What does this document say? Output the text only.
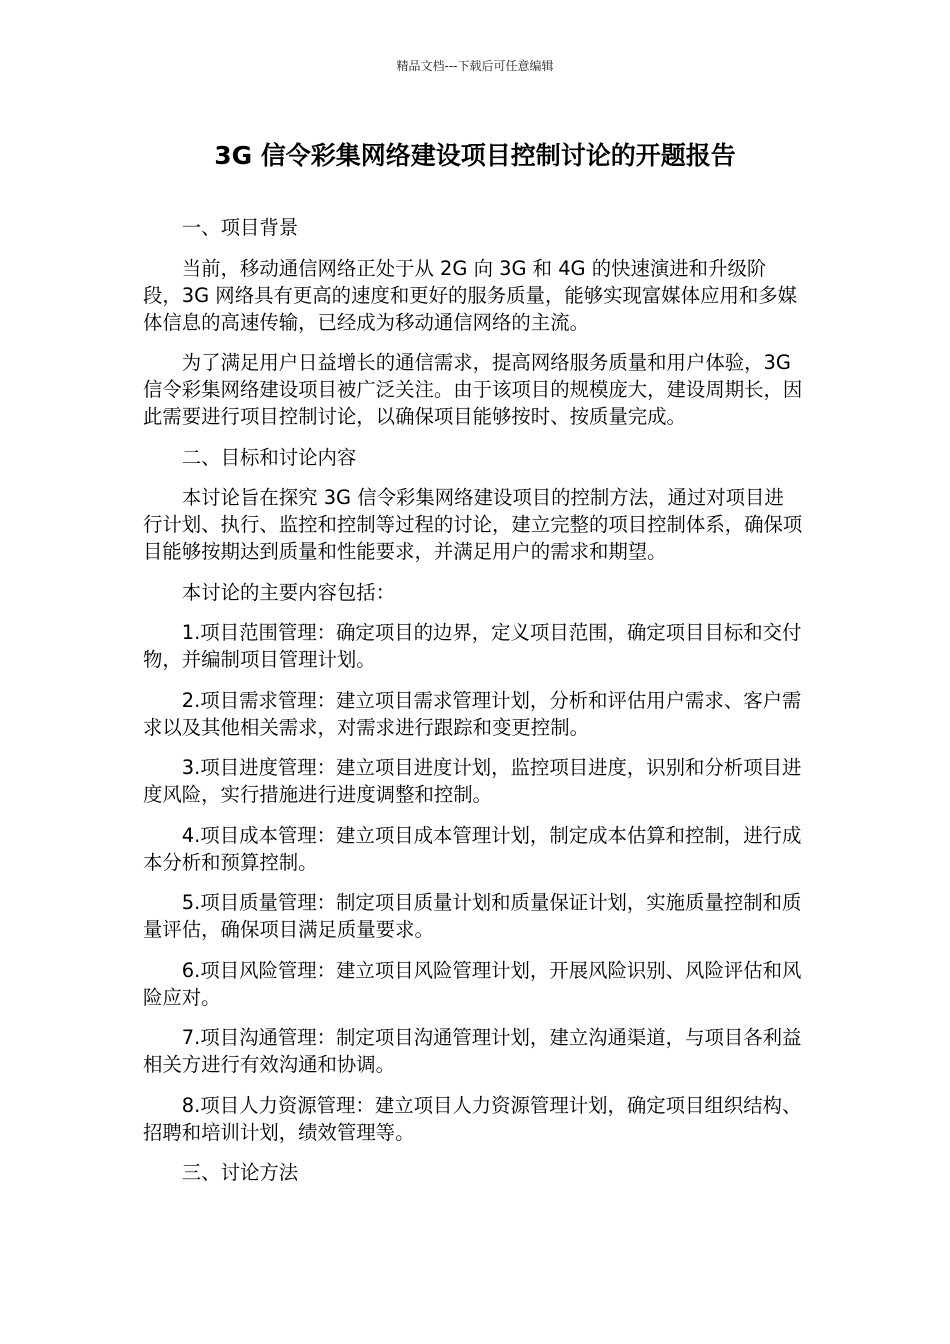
精品文档---下载后可任意编辑
3G 信令彩集网络建设项目控制讨论的开题报告

一、项目背景

当前，移动通信网络正处于从 2G 向 3G 和 4G 的快速演进和升级阶段，3G 网络具有更高的速度和更好的服务质量，能够实现富媒体应用和多媒体信息的高速传输，已经成为移动通信网络的主流。

为了满足用户日益增长的通信需求，提高网络服务质量和用户体验，3G 信令彩集网络建设项目被广泛关注。由于该项目的规模庞大，建设周期长，因此需要进行项目控制讨论，以确保项目能够按时、按质量完成。

二、目标和讨论内容

本讨论旨在探究 3G 信令彩集网络建设项目的控制方法，通过对项目进行计划、执行、监控和控制等过程的讨论，建立完整的项目控制体系，确保项目能够按期达到质量和性能要求，并满足用户的需求和期望。

本讨论的主要内容包括：

1.项目范围管理：确定项目的边界，定义项目范围，确定项目目标和交付物，并编制项目管理计划。

2.项目需求管理：建立项目需求管理计划，分析和评估用户需求、客户需求以及其他相关需求，对需求进行跟踪和变更控制。

3.项目进度管理：建立项目进度计划，监控项目进度，识别和分析项目进度风险，实行措施进行进度调整和控制。

4.项目成本管理：建立项目成本管理计划，制定成本估算和控制，进行成本分析和预算控制。

5.项目质量管理：制定项目质量计划和质量保证计划，实施质量控制和质量评估，确保项目满足质量要求。

6.项目风险管理：建立项目风险管理计划，开展风险识别、风险评估和风险应对。

7.项目沟通管理：制定项目沟通管理计划，建立沟通渠道，与项目各利益相关方进行有效沟通和协调。

8.项目人力资源管理：建立项目人力资源管理计划，确定项目组织结构、招聘和培训计划，绩效管理等。

三、讨论方法
